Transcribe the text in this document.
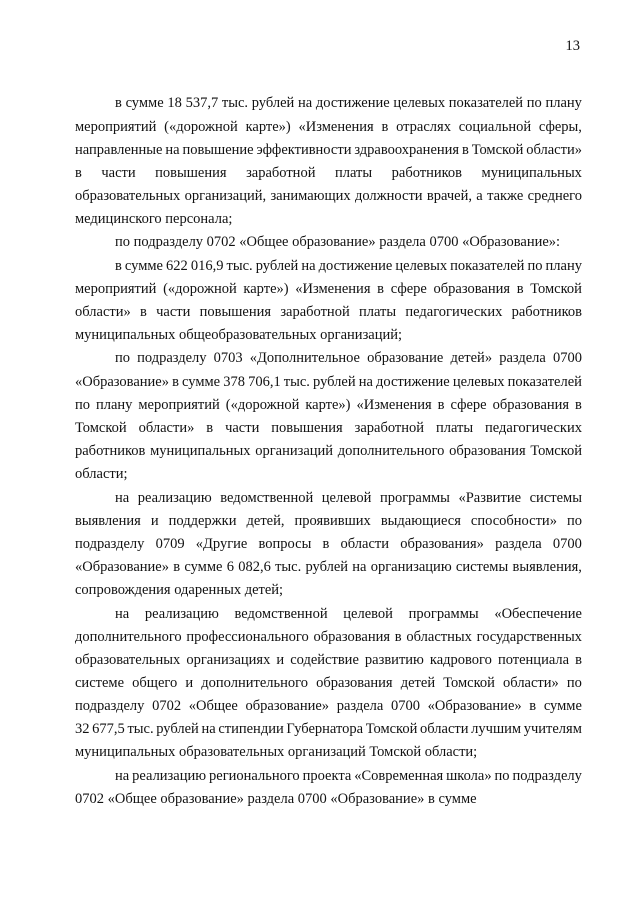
13
в сумме 18 537,7 тыс. рублей на достижение целевых показателей по плану
мероприятий («дорожной карте») «Изменения в отраслях социальной сферы,
направленные на повышение эффективности здравоохранения в Томской области»
в части повышения заработной платы работников муниципальных
образовательных организаций, занимающих должности врачей, а также среднего
медицинского персонала;
по подразделу 0702 «Общее образование» раздела 0700 «Образование»:
в сумме 622 016,9 тыс. рублей на достижение целевых показателей по плану
мероприятий («дорожной карте») «Изменения в сфере образования в Томской
области» в части повышения заработной платы педагогических работников
муниципальных общеобразовательных организаций;
по подразделу 0703 «Дополнительное образование детей» раздела 0700
«Образование» в сумме 378 706,1 тыс. рублей на достижение целевых показателей
по плану мероприятий («дорожной карте») «Изменения в сфере образования в
Томской области» в части повышения заработной платы педагогических
работников муниципальных организаций дополнительного образования Томской
области;
на реализацию ведомственной целевой программы «Развитие системы
выявления и поддержки детей, проявивших выдающиеся способности» по
подразделу 0709 «Другие вопросы в области образования» раздела 0700
«Образование» в сумме 6 082,6 тыс. рублей на организацию системы выявления,
сопровождения одаренных детей;
на реализацию ведомственной целевой программы «Обеспечение
дополнительного профессионального образования в областных государственных
образовательных организациях и содействие развитию кадрового потенциала в
системе общего и дополнительного образования детей Томской области» по
подразделу 0702 «Общее образование» раздела 0700 «Образование» в сумме
32 677,5 тыс. рублей на стипендии Губернатора Томской области лучшим учителям
муниципальных образовательных организаций Томской области;
на реализацию регионального проекта «Современная школа» по подразделу
0702 «Общее образование» раздела 0700 «Образование» в сумме
